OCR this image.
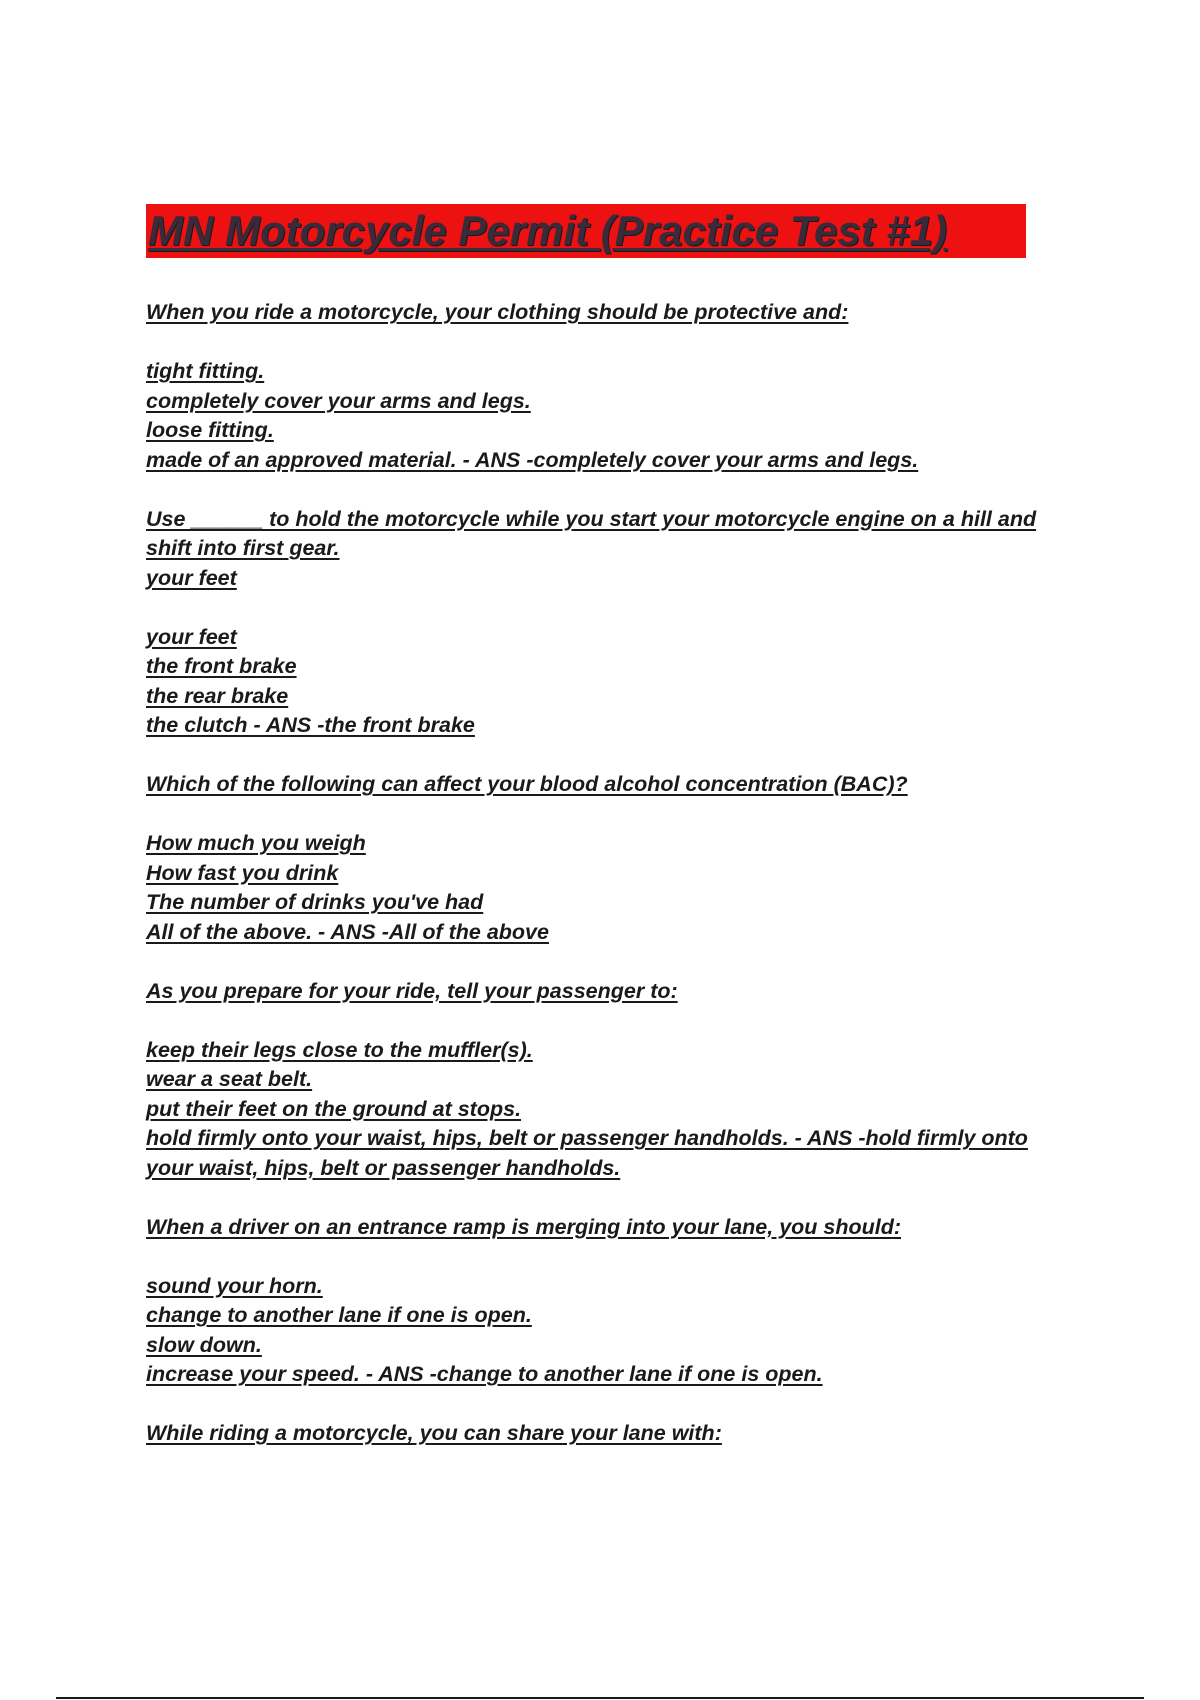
MN Motorcycle Permit (Practice Test #1)
When you ride a motorcycle, your clothing should be protective and:
tight fitting.
completely cover your arms and legs.
loose fitting.
made of an approved material. - ANS -completely cover your arms and legs.
Use ______ to hold the motorcycle while you start your motorcycle engine on a hill and
shift into first gear.
your feet
your feet
the front brake
the rear brake
the clutch - ANS -the front brake
Which of the following can affect your blood alcohol concentration (BAC)?
How much you weigh
How fast you drink
The number of drinks you've had
All of the above. - ANS -All of the above
As you prepare for your ride, tell your passenger to:
keep their legs close to the muffler(s).
wear a seat belt.
put their feet on the ground at stops.
hold firmly onto your waist, hips, belt or passenger handholds. - ANS -hold firmly onto
your waist, hips, belt or passenger handholds.
When a driver on an entrance ramp is merging into your lane, you should:
sound your horn.
change to another lane if one is open.
slow down.
increase your speed. - ANS -change to another lane if one is open.
While riding a motorcycle, you can share your lane with:
